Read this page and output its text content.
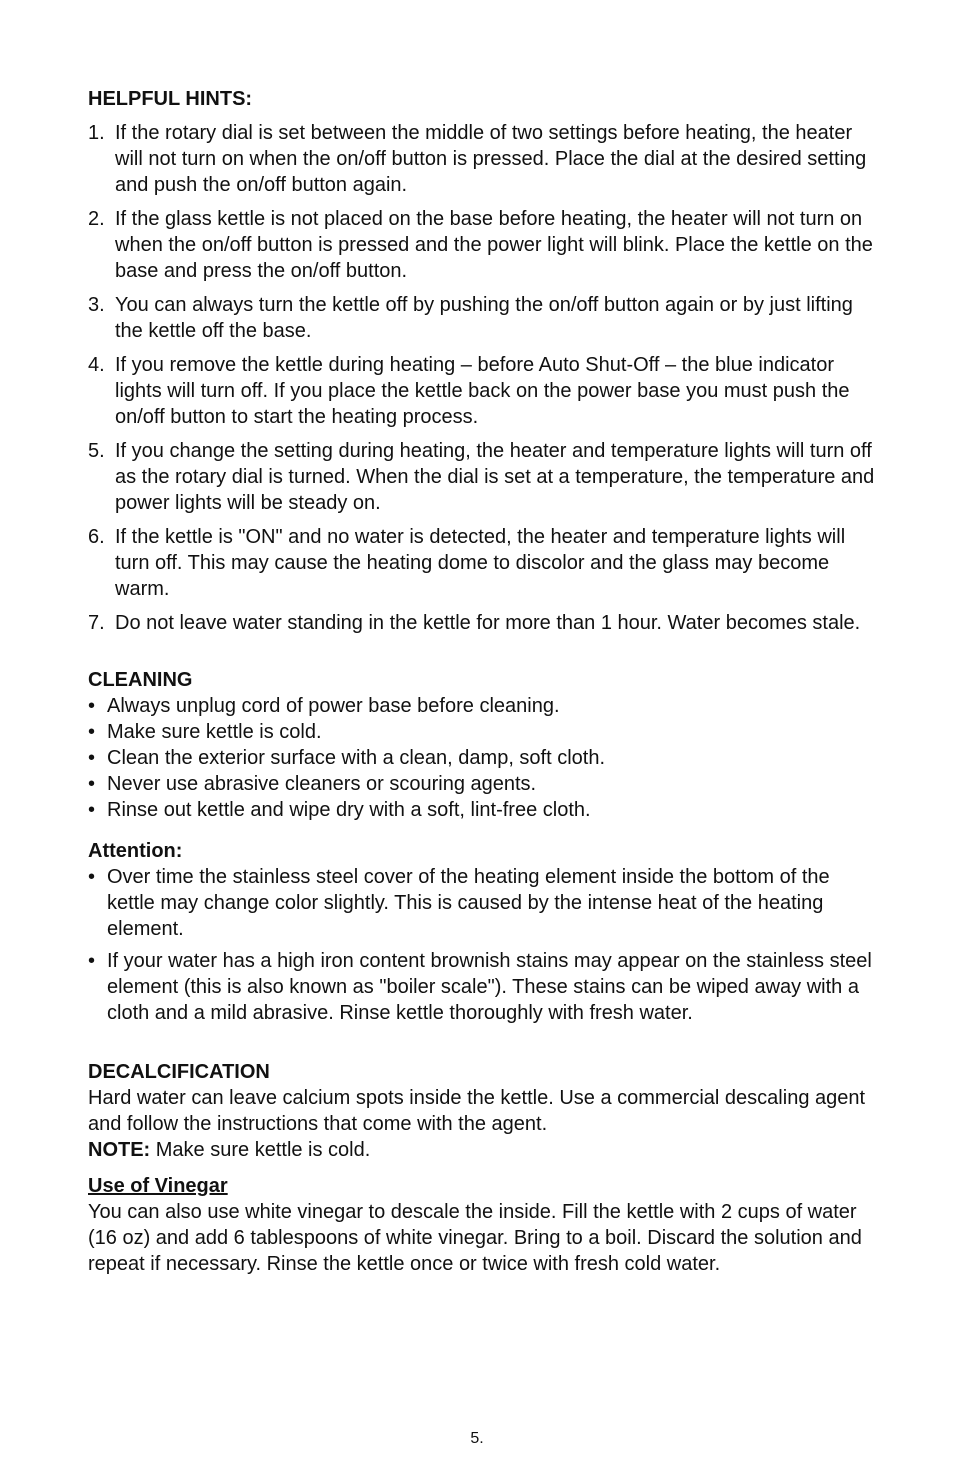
HELPFUL HINTS:

1. If the rotary dial is set between the middle of two settings before heating, the heater will not turn on when the on/off button is pressed. Place the dial at the desired setting and push the on/off button again.
2. If the glass kettle is not placed on the base before heating, the heater will not turn on when the on/off button is pressed and the power light will blink. Place the kettle on the base and press the on/off button.
3. You can always turn the kettle off by pushing the on/off button again or by just lifting the kettle off the base.
4. If you remove the kettle during heating – before Auto Shut-Off – the blue indicator lights will turn off. If you place the kettle back on the power base you must push the on/off button to start the heating process.
5. If you change the setting during heating, the heater and temperature lights will turn off as the rotary dial is turned. When the dial is set at a temperature, the temperature and power lights will be steady on.
6. If the kettle is "ON" and no water is detected, the heater and temperature lights will turn off. This may cause the heating dome to discolor and the glass may become warm.
7. Do not leave water standing in the kettle for more than 1 hour. Water becomes stale.

CLEANING

• Always unplug cord of power base before cleaning.
• Make sure kettle is cold.
• Clean the exterior surface with a clean, damp, soft cloth.
• Never use abrasive cleaners or scouring agents.
• Rinse out kettle and wipe dry with a soft, lint-free cloth.

Attention:

• Over time the stainless steel cover of the heating element inside the bottom of the kettle may change color slightly. This is caused by the intense heat of the heating element.
• If your water has a high iron content brownish stains may appear on the stainless steel element (this is also known as "boiler scale"). These stains can be wiped away with a cloth and a mild abrasive. Rinse kettle thoroughly with fresh water.

DECALCIFICATION

Hard water can leave calcium spots inside the kettle. Use a commercial descaling agent and follow the instructions that come with the agent.

NOTE: Make sure kettle is cold.

Use of Vinegar

You can also use white vinegar to descale the inside. Fill the kettle with 2 cups of water (16 oz) and add 6 tablespoons of white vinegar. Bring to a boil. Discard the solution and repeat if necessary. Rinse the kettle once or twice with fresh cold water.

5.
